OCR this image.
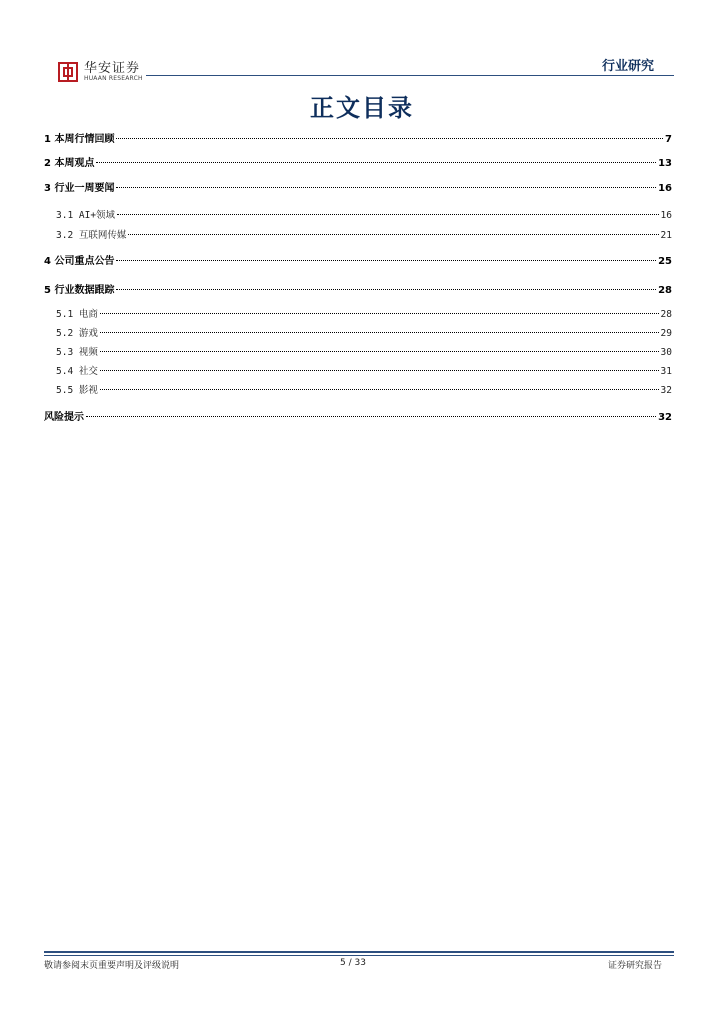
华安证券
HUAAN RESEARCH
行业研究
正文目录
1 本周行情回顾	7
2 本周观点	13
3 行业一周要闻	16
3.1 AI+领域	16
3.2 互联网传媒	21
4 公司重点公告	25
5 行业数据跟踪	28
5.1 电商	28
5.2 游戏	29
5.3 视频	30
5.4 社交	31
5.5 影视	32
风险提示	32
敬请参阅末页重要声明及评级说明	5 / 33	证券研究报告
